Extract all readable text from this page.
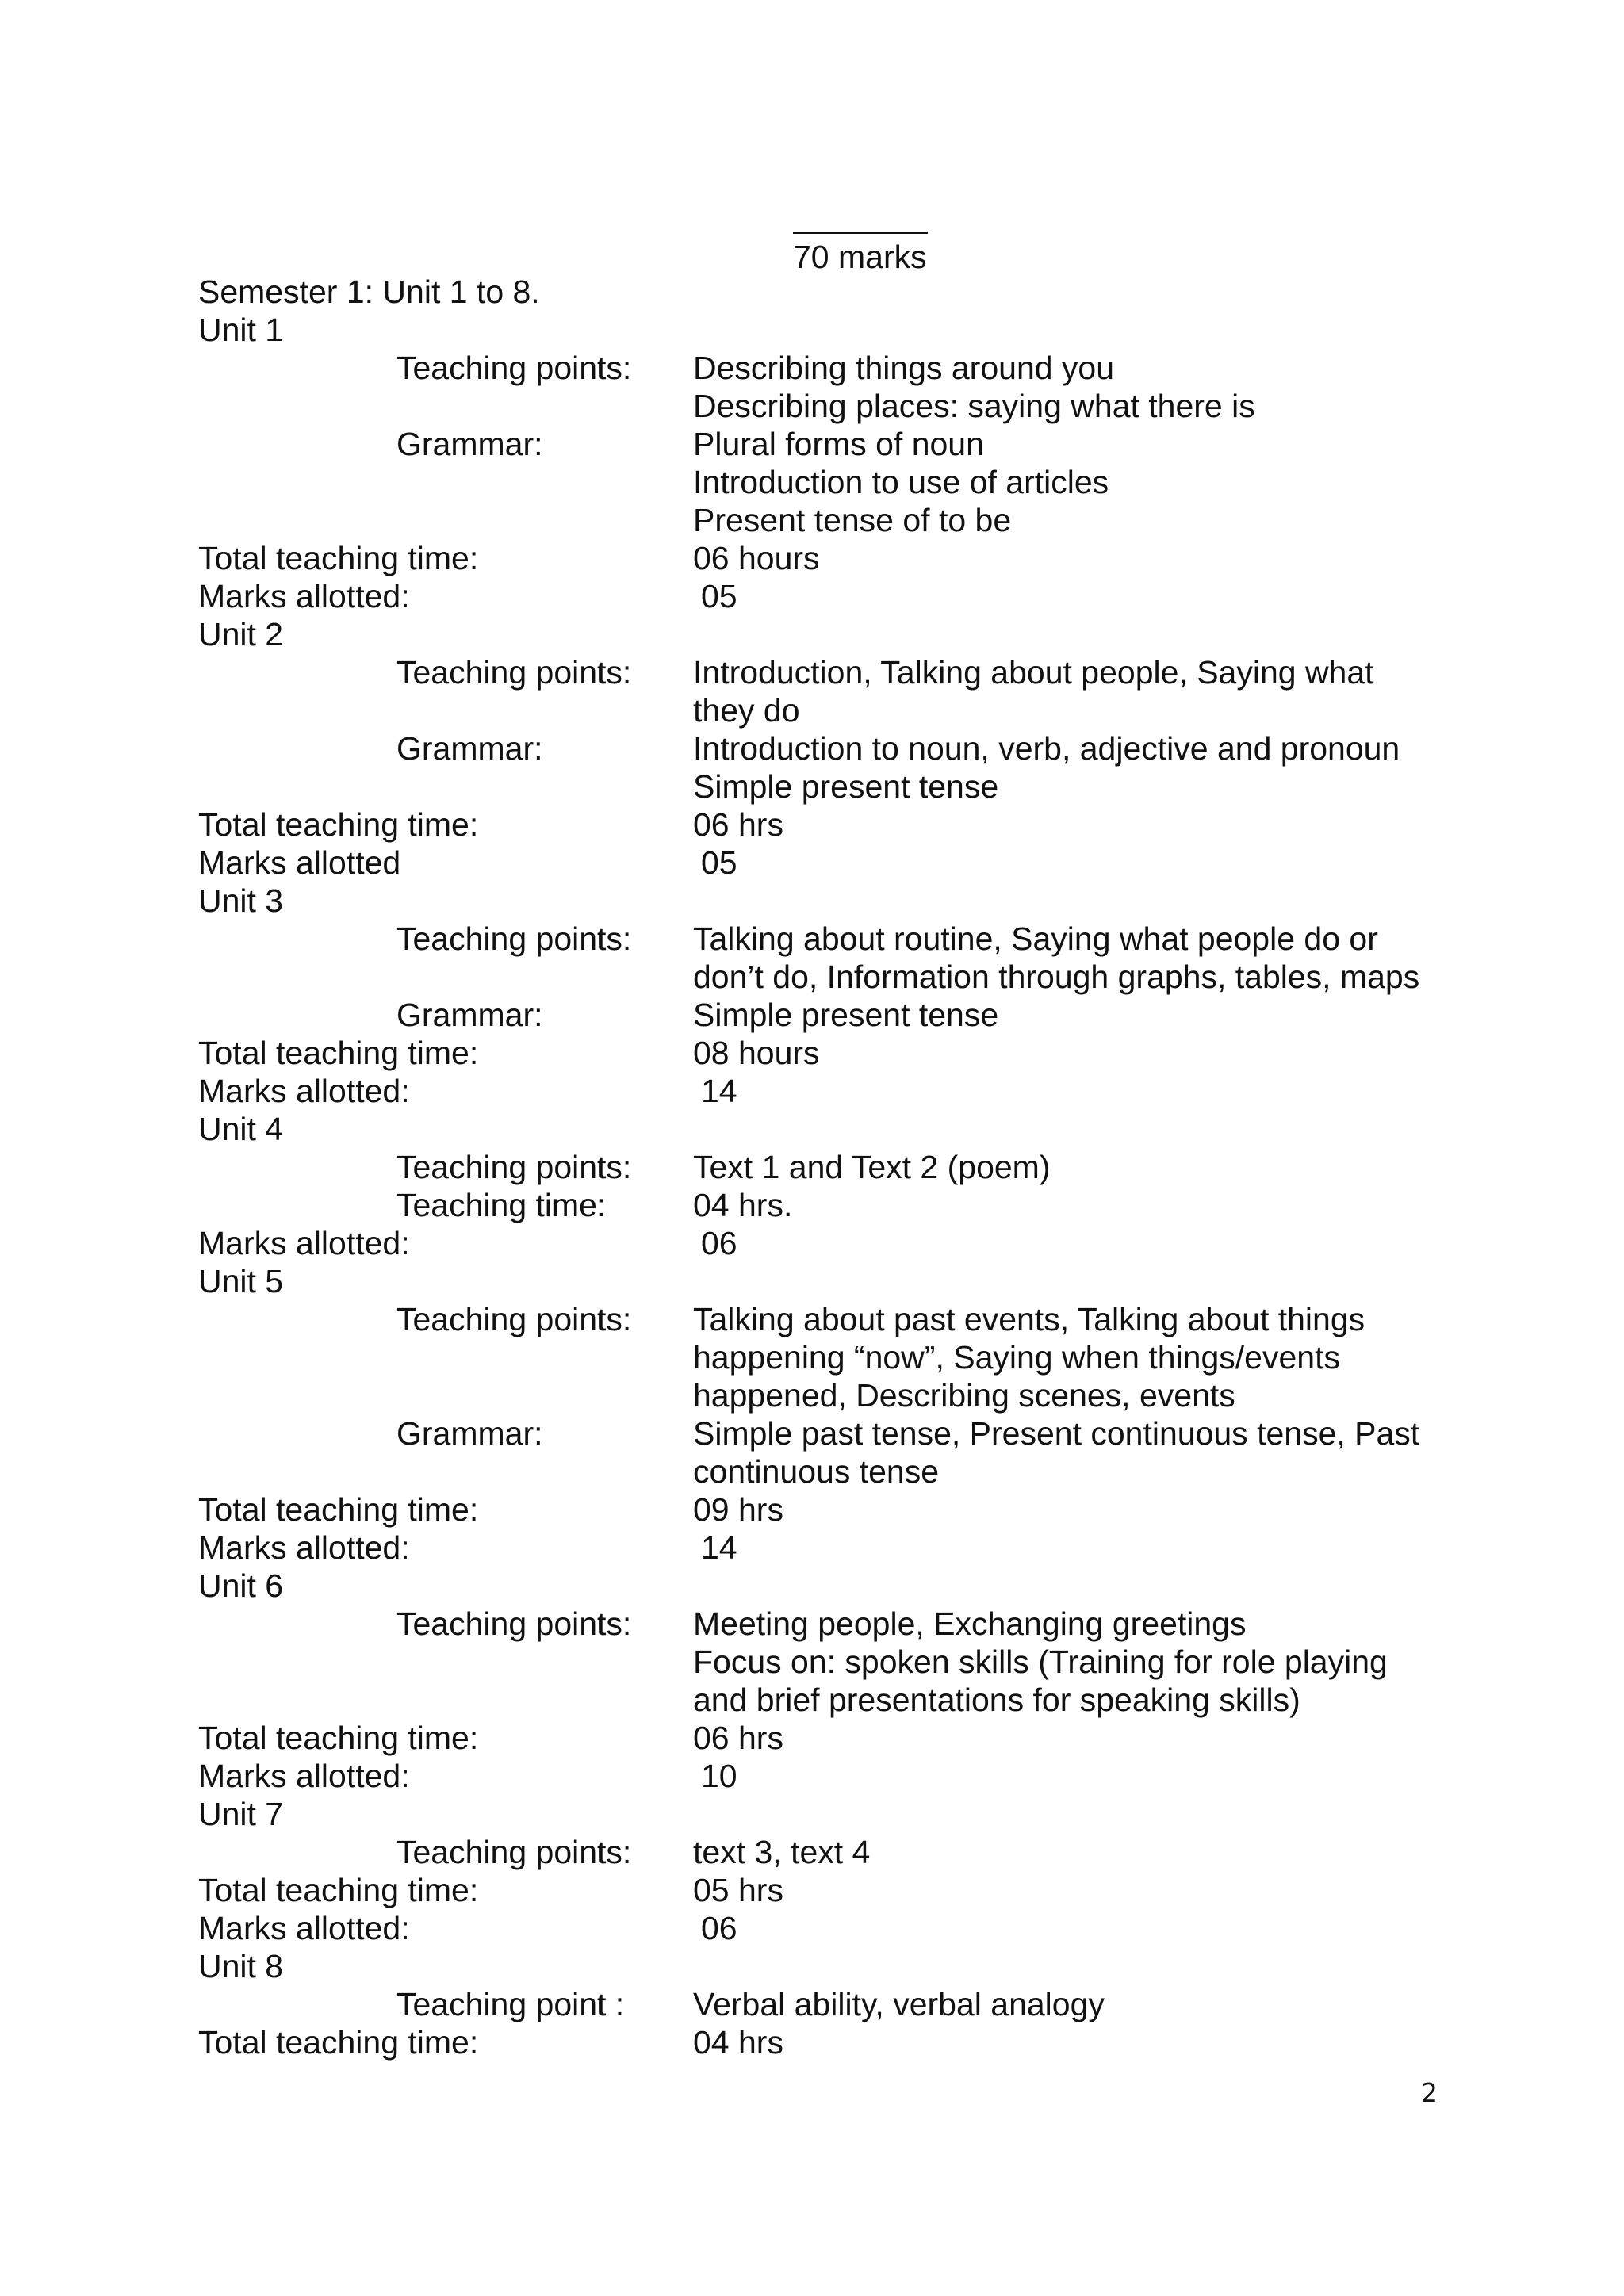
70 marks
Semester 1: Unit 1 to 8.
Unit 1
Teaching points: Describing things around you
Describing places: saying what there is
Grammar:	Plural forms of noun
Introduction to use of articles
Present tense of to be
Total teaching time:	06 hours
Marks allotted:	05
Unit 2
Teaching points: Introduction, Talking about people, Saying what
they do
Grammar:	Introduction to noun, verb, adjective and pronoun
Simple present tense
Total teaching time:	06 hrs
Marks allotted	05
Unit 3
Teaching points: Talking about routine, Saying what people do or
don’t do, Information through graphs, tables, maps
Grammar:	Simple present tense
Total teaching time:	08 hours
Marks allotted:	14
Unit 4
Teaching points: Text 1 and Text 2 (poem)
Teaching time:	04 hrs.
Marks allotted:	06
Unit 5
Teaching points: Talking about past events, Talking about things
happening “now”, Saying when things/events
happened, Describing scenes, events
Grammar:	Simple past tense, Present continuous tense, Past
continuous tense
Total teaching time:	09 hrs
Marks allotted:	14
Unit 6
Teaching points: Meeting people, Exchanging greetings
Focus on: spoken skills (Training for role playing
and brief presentations for speaking skills)
Total teaching time:	06 hrs
Marks allotted:	10
Unit 7
Teaching points: text 3, text 4
Total teaching time:	05 hrs
Marks allotted:	06
Unit 8
Teaching point : Verbal ability, verbal analogy
Total teaching time:	04 hrs
2
